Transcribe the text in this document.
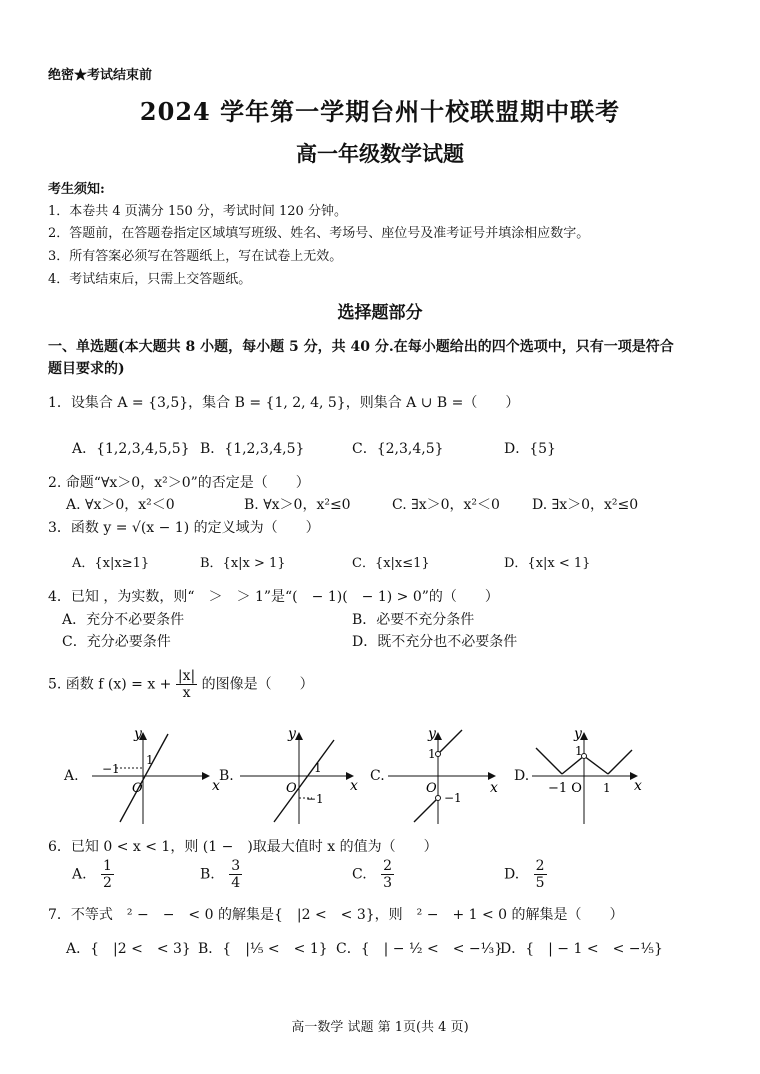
绝密★考试结束前
2024 学年第一学期台州十校联盟期中联考
高一年级数学试题
考生须知:
1．本卷共 4 页满分 150 分，考试时间 120 分钟。
2．答题前，在答题卷指定区域填写班级、姓名、考场号、座位号及准考证号并填涂相应数字。
3．所有答案必须写在答题纸上，写在试卷上无效。
4．考试结束后，只需上交答题纸。
选择题部分
一、单选题(本大题共 8 小题，每小题 5 分，共 40 分.在每小题给出的四个选项中，只有一项是符合
题目要求的)
1．设集合 A = {3,5}，集合 B = {1, 2, 4, 5}，则集合 A ∪ B =（　　）
A．{1,2,3,4,5,5} B．{1,2,3,4,5}	C．{2,3,4,5}	D．{5}
2. 命题“∀x＞0，x²＞0”的否定是（　　）
A. ∀x＞0，x²＜0	B. ∀x＞0，x²≤0	C. ∃x＞0，x²＜0 D. ∃x＞0，x²≤0
3．函数 y = √(x − 1) 的定义域为（　　）
A．{x|x≥1}	B．{x|x > 1}	C．{x|x≤1}	D．{x|x < 1}
4．已知 ，为实数，则“　＞　＞ 1”是“(　− 1)(　− 1) > 0”的（　　）
A．充分不必要条件	B．必要不充分条件
C．充分必要条件	D．既不充分也不必要条件
5. 函数 f $(x) = x + \frac{|x|}{x}$ 的图像是（　　）
A.	B.	C.	D.
x
y
O
1
−1
x
y
O
1
−1
x
y
O
1
−1
x
y
−1 O 1
1
6．已知 0 < x < 1，则 (1 −　)取最大值时 x 的值为（　　）
A. $\frac{1}{2}$	B. $\frac{3}{4}$	C. $\frac{2}{3}$	D. $\frac{2}{5}$
7．不等式　² −　−　< 0 的解集是{　|2 <　< 3}，则　² −　+ 1 < 0 的解集是（　　）
A．{　|2 <　< 3} B．{　|¹⁄₅ <　< 1} C．{　| − ¹⁄₂ <　< −¹⁄₃}
D．{　| − 1 <　< −¹⁄₅}
高一数学 试题 第 1页(共 4 页)
